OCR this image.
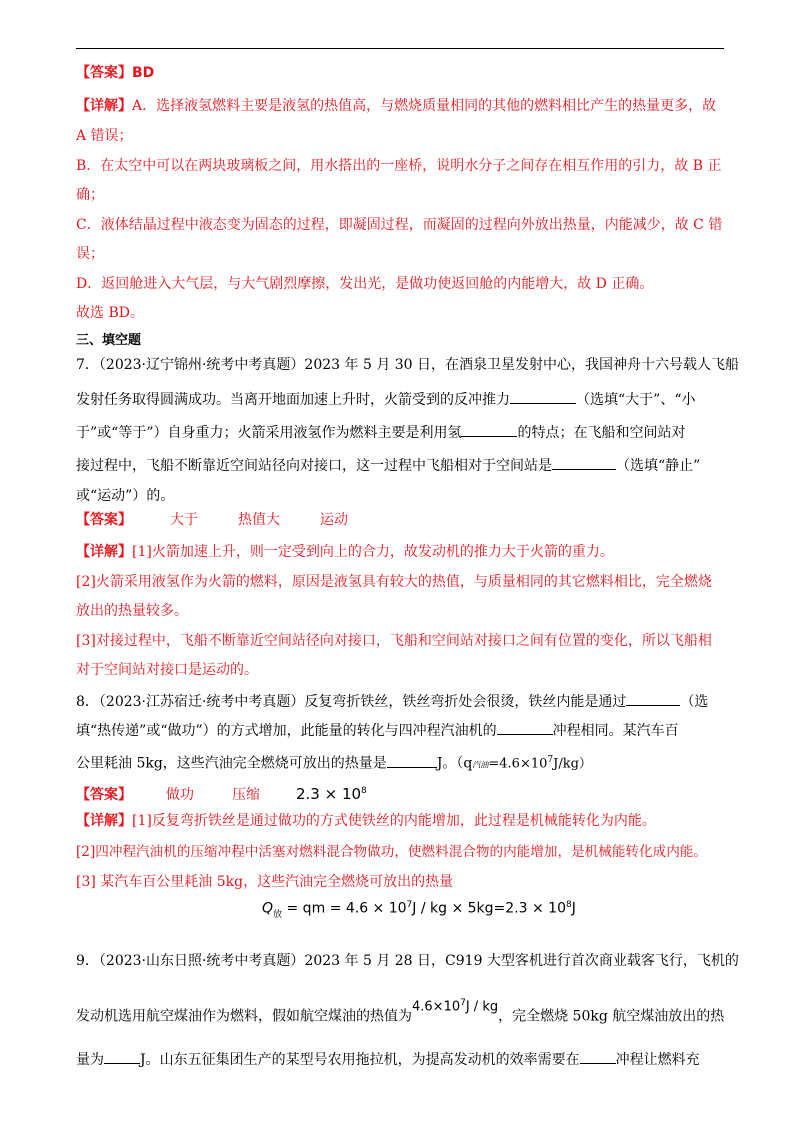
【答案】BD
【详解】A．选择液氢燃料主要是液氢的热值高，与燃烧质量相同的其他的燃料相比产生的热量更多，故
A 错误；
B．在太空中可以在两块玻璃板之间，用水搭出的一座桥，说明水分子之间存在相互作用的引力，故 B 正
确；
C．液体结晶过程中液态变为固态的过程，即凝固过程，而凝固的过程向外放出热量，内能减少，故 C 错
误；
D．返回舱进入大气层，与大气剧烈摩擦，发出光，是做功使返回舱的内能增大，故 D 正确。
故选 BD。
三、填空题
7．（2023·辽宁锦州·统考中考真题）2023 年 5 月 30 日，在酒泉卫星发射中心，我国神舟十六号载人飞船
发射任务取得圆满成功。当离开地面加速上升时，火箭受到的反冲推力	（选填“大于”、“小
于”或“等于”）自身重力；火箭采用液氢作为燃料主要是利用氢	的特点；在飞船和空间站对
接过程中，飞船不断靠近空间站径向对接口，这一过程中飞船相对于空间站是	（选填“静止”
或“运动”）的。
【答案】	大于	热值大	运动
【详解】[1]火箭加速上升，则一定受到向上的合力，故发动机的推力大于火箭的重力。
[2]火箭采用液氢作为火箭的燃料，原因是液氢具有较大的热值，与质量相同的其它燃料相比，完全燃烧
放出的热量较多。
[3]对接过程中，飞船不断靠近空间站径向对接口，飞船和空间站对接口之间有位置的变化，所以飞船相
对于空间站对接口是运动的。
8．（2023·江苏宿迁·统考中考真题）反复弯折铁丝，铁丝弯折处会很烫，铁丝内能是通过	（选
填“热传递”或“做功”）的方式增加，此能量的转化与四冲程汽油机的	冲程相同。某汽车百
公里耗油 5kg，这些汽油完全燃烧可放出的热量是	J。（q汽油$=4.6\times 10^7J/kg$）
【答案】 做功	压缩 $2.3 \times 10^8$
【详解】[1]反复弯折铁丝是通过做功的方式使铁丝的内能增加，此过程是机械能转化为内能。
[2]四冲程汽油机的压缩冲程中活塞对燃料混合物做功，使燃料混合物的内能增加，是机械能转化成内能。
[3] 某汽车百公里耗油 5kg，这些汽油完全燃烧可放出的热量
$Q_放$ = qm = $4.6 \times 10^7J$ / kg × $5kg=2.3 \times 10^8J$
9．（2023·山东日照·统考中考真题）2023 年 5 月 28 日，C919 大型客机进行首次商业载客飞行，飞机的
发动机选用航空煤油作为燃料，假如航空煤油的热值为$4.6\times 10^7J$ / kg，完全燃烧 50kg 航空煤油放出的热
量为	J。山东五征集团生产的某型号农用拖拉机，为提高发动机的效率需要在	冲程让燃料充
